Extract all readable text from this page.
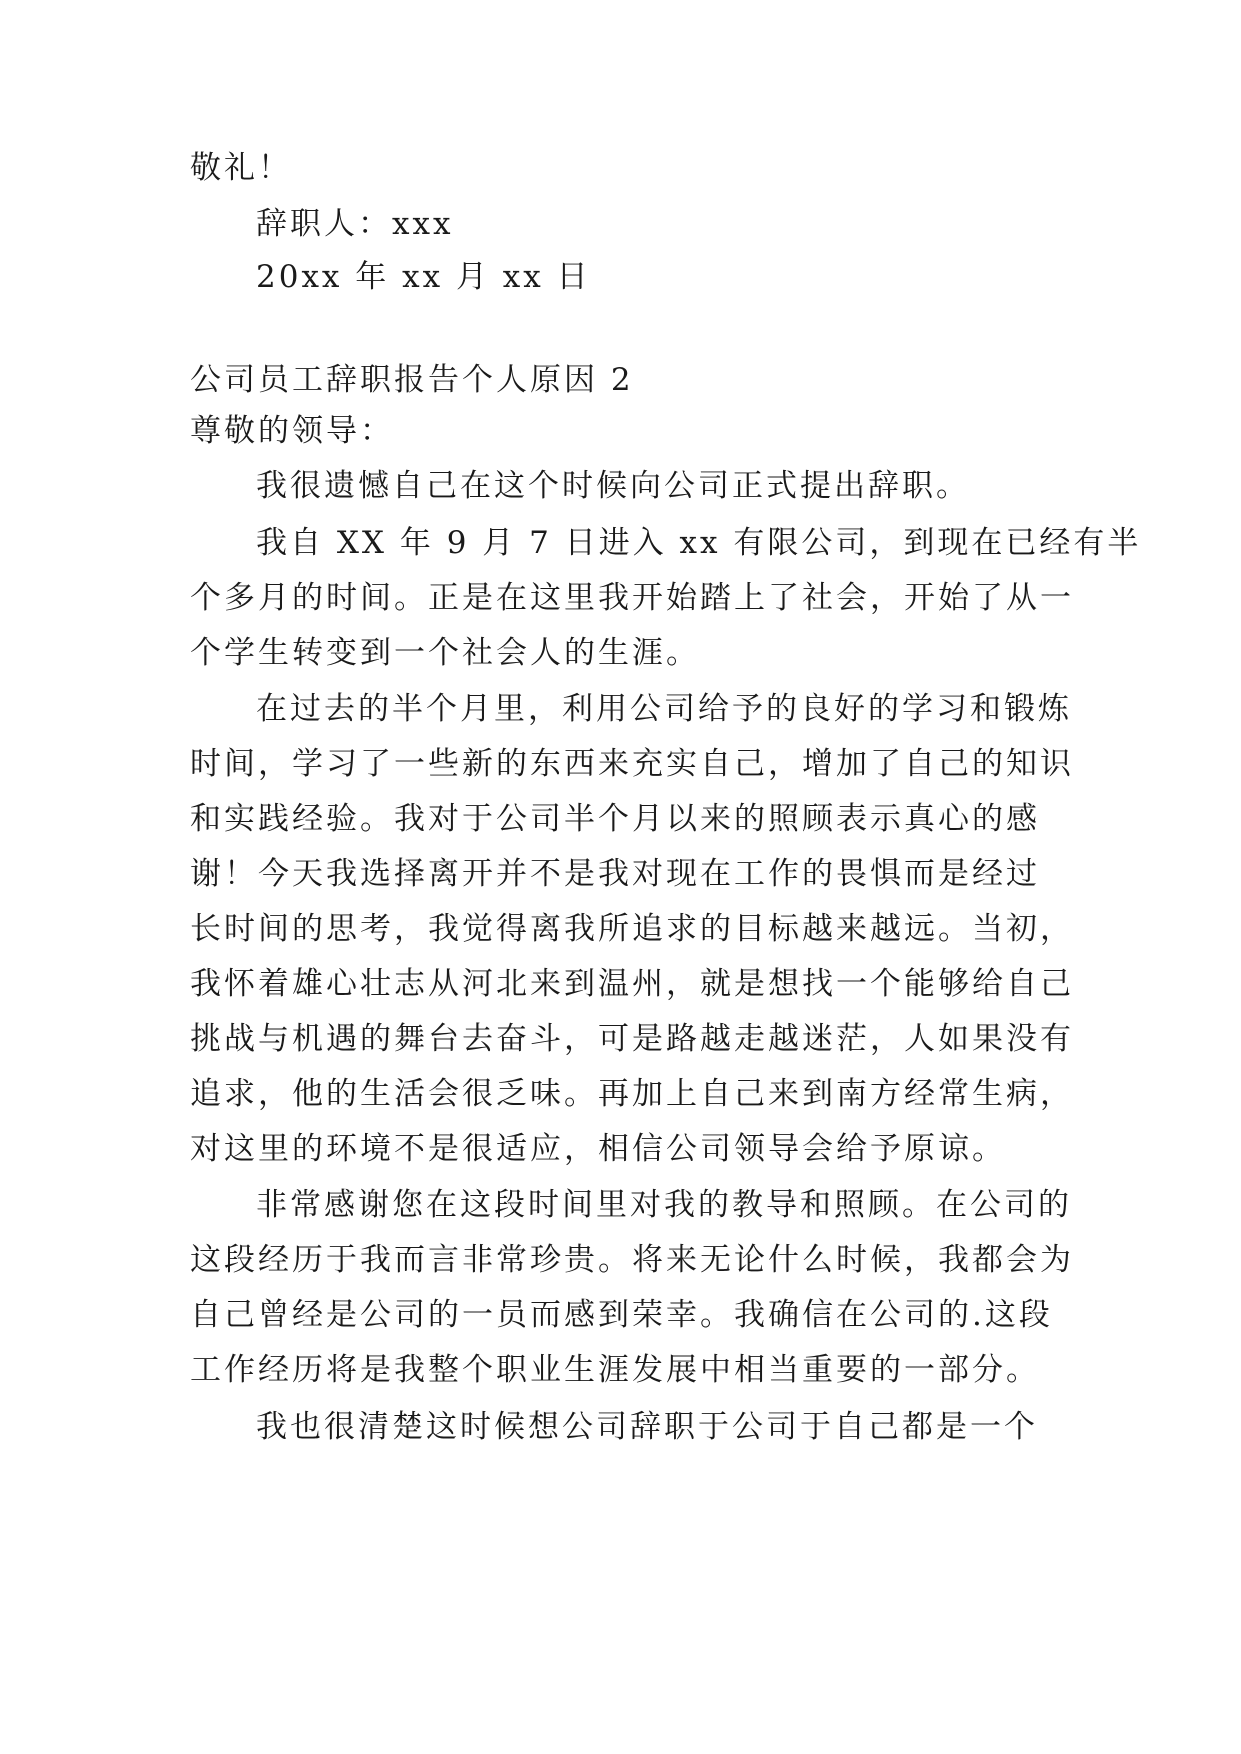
敬礼！

辞职人：xxx

20xx 年 xx 月 xx 日

公司员工辞职报告个人原因 2

尊敬的领导：

我很遗憾自己在这个时候向公司正式提出辞职。

我自 XX 年 9 月 7 日进入 xx 有限公司，到现在已经有半

个多月的时间。正是在这里我开始踏上了社会，开始了从一

个学生转变到一个社会人的生涯。

在过去的半个月里，利用公司给予的良好的学习和锻炼

时间，学习了一些新的东西来充实自己，增加了自己的知识

和实践经验。我对于公司半个月以来的照顾表示真心的感

谢！今天我选择离开并不是我对现在工作的畏惧而是经过

长时间的思考，我觉得离我所追求的目标越来越远。当初，

我怀着雄心壮志从河北来到温州，就是想找一个能够给自己

挑战与机遇的舞台去奋斗，可是路越走越迷茫，人如果没有

追求，他的生活会很乏味。再加上自己来到南方经常生病，

对这里的环境不是很适应，相信公司领导会给予原谅。

非常感谢您在这段时间里对我的教导和照顾。在公司的

这段经历于我而言非常珍贵。将来无论什么时候，我都会为

自己曾经是公司的一员而感到荣幸。我确信在公司的.这段

工作经历将是我整个职业生涯发展中相当重要的一部分。

我也很清楚这时候想公司辞职于公司于自己都是一个
